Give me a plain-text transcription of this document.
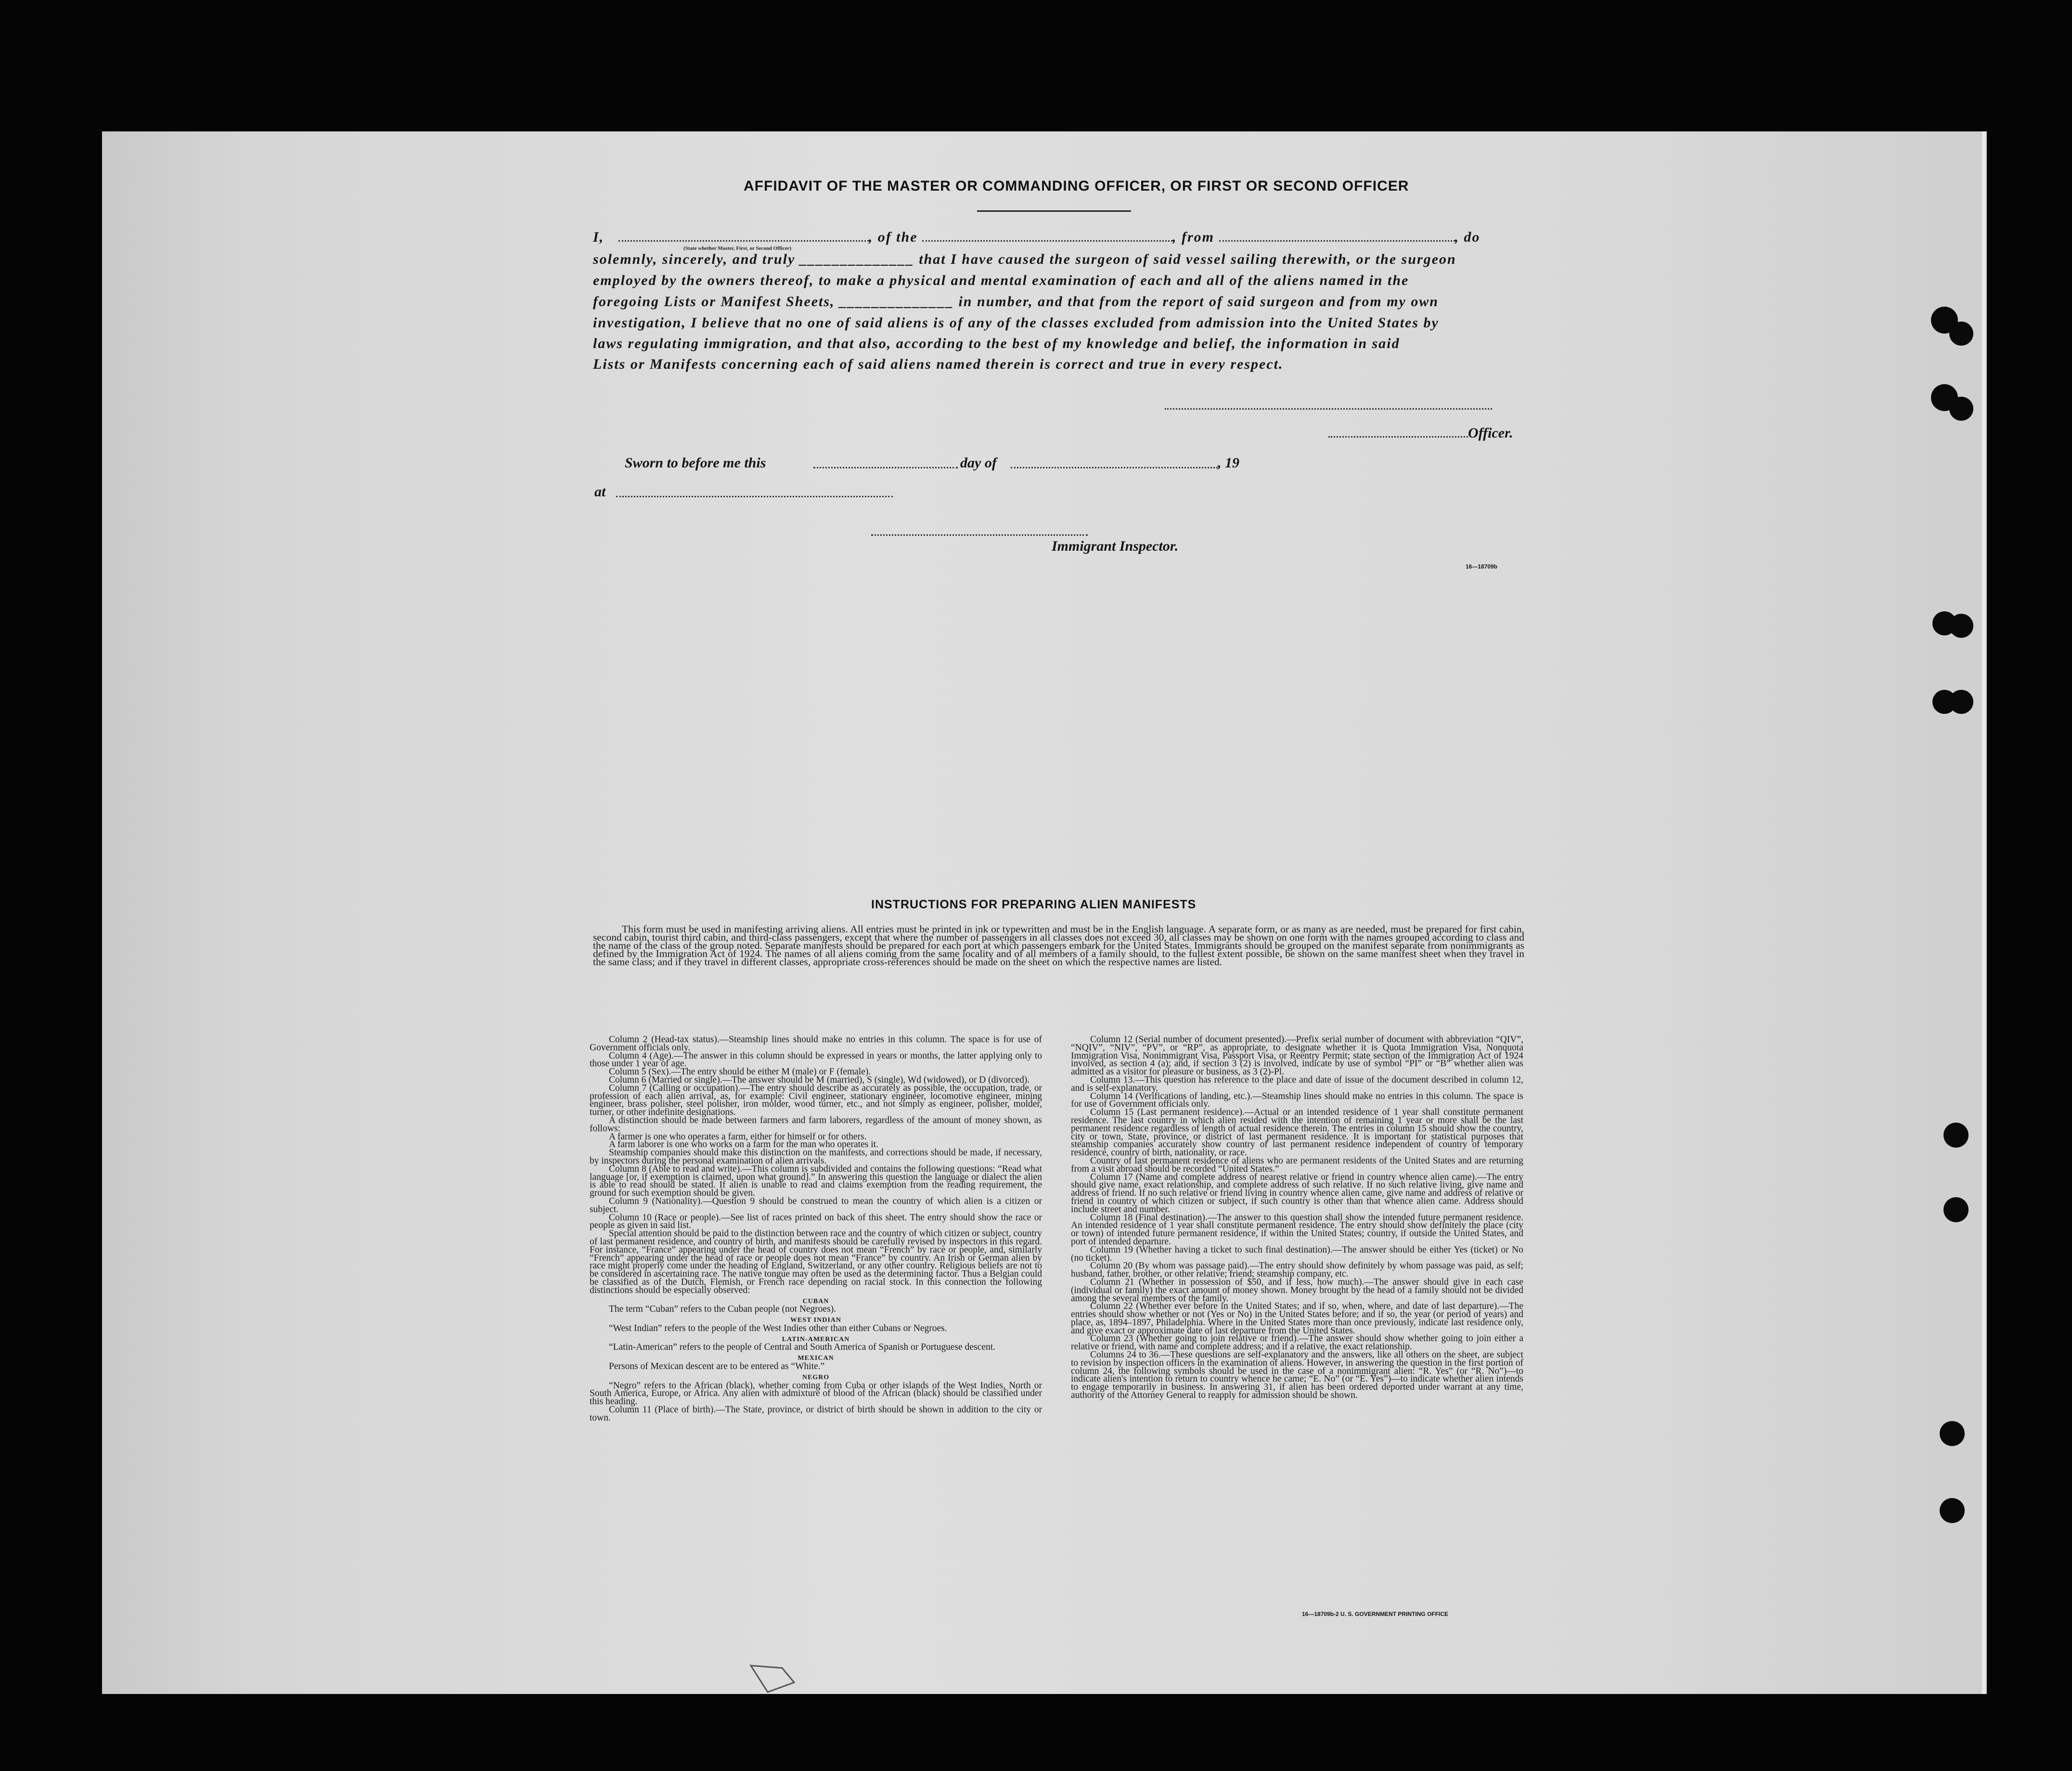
AFFIDAVIT OF THE MASTER OR COMMANDING OFFICER, OR FIRST OR SECOND OFFICER
I,	, of the	, from	, do
(State whether Master, First, or Second Officer)
solemnly, sincerely, and truly ______________ that I have caused the surgeon of said vessel sailing therewith, or the surgeon
employed by the owners thereof, to make a physical and mental examination of each and all of the aliens named in the
foregoing Lists or Manifest Sheets, ______________ in number, and that from the report of said surgeon and from my own
investigation, I believe that no one of said aliens is of any of the classes excluded from admission into the United States by
laws regulating immigration, and that also, according to the best of my knowledge and belief, the information in said
Lists or Manifests concerning each of said aliens named therein is correct and true in every respect.
Officer.
Sworn to before me this	day of	, 19
at
Immigrant Inspector.
16—18709b
INSTRUCTIONS FOR PREPARING ALIEN MANIFESTS
This form must be used in manifesting arriving aliens. All entries must be printed in ink or typewritten and must be in the English language. A separate form, or as many as are needed, must be prepared for first cabin, second cabin, tourist third cabin, and third-class passengers, except that where the number of passengers in all classes does not exceed 30, all classes may be shown on one form with the names grouped according to class and the name of the class of the group noted. Separate manifests should be prepared for each port at which passengers embark for the United States. Immigrants should be grouped on the manifest separate from nonimmigrants as defined by the Immigration Act of 1924. The names of all aliens coming from the same locality and of all members of a family should, to the fullest extent possible, be shown on the same manifest sheet when they travel in the same class; and if they travel in different classes, appropriate cross-references should be made on the sheet on which the respective names are listed.

Column 2 (Head-tax status).—Steamship lines should make no entries in this column. The space is for use of Government officials only.

Column 4 (Age).—The answer in this column should be expressed in years or months, the latter applying only to those under 1 year of age.

Column 5 (Sex).—The entry should be either M (male) or F (female).

Column 6 (Married or single).—The answer should be M (married), S (single), Wd (widowed), or D (divorced).

Column 7 (Calling or occupation).—The entry should describe as accurately as possible, the occupation, trade, or profession of each alien arrival, as, for example: Civil engineer, stationary engineer, locomotive engineer, mining engineer, brass polisher, steel polisher, iron molder, wood turner, etc., and not simply as engineer, polisher, molder, turner, or other indefinite designations.

A distinction should be made between farmers and farm laborers, regardless of the amount of money shown, as follows:

A farmer is one who operates a farm, either for himself or for others.

A farm laborer is one who works on a farm for the man who operates it.

Steamship companies should make this distinction on the manifests, and corrections should be made, if necessary, by inspectors during the personal examination of alien arrivals.

Column 8 (Able to read and write).—This column is subdivided and contains the following questions: “Read what language [or, if exemption is claimed, upon what ground].” In answering this question the language or dialect the alien is able to read should be stated. If alien is unable to read and claims exemption from the reading requirement, the ground for such exemption should be given.

Column 9 (Nationality).—Question 9 should be construed to mean the country of which alien is a citizen or subject.

Column 10 (Race or people).—See list of races printed on back of this sheet. The entry should show the race or people as given in said list.

Special attention should be paid to the distinction between race and the country of which citizen or subject, country of last permanent residence, and country of birth, and manifests should be carefully revised by inspectors in this regard. For instance, “France” appearing under the head of country does not mean “French” by race or people, and, similarly “French” appearing under the head of race or people does not mean “France” by country. An Irish or German alien by race might properly come under the heading of England, Switzerland, or any other country. Religious beliefs are not to be considered in ascertaining race. The native tongue may often be used as the determining factor. Thus a Belgian could be classified as of the Dutch, Flemish, or French race depending on racial stock. In this connection the following distinctions should be especially observed:

CUBAN

The term “Cuban” refers to the Cuban people (not Negroes).

WEST INDIAN

“West Indian” refers to the people of the West Indies other than either Cubans or Negroes.

LATIN-AMERICAN

“Latin-American” refers to the people of Central and South America of Spanish or Portuguese descent.

MEXICAN

Persons of Mexican descent are to be entered as “White.”

NEGRO

“Negro” refers to the African (black), whether coming from Cuba or other islands of the West Indies, North or South America, Europe, or Africa. Any alien with admixture of blood of the African (black) should be classified under this heading.

Column 11 (Place of birth).—The State, province, or district of birth should be shown in addition to the city or town.

Column 12 (Serial number of document presented).—Prefix serial number of document with abbreviation “QIV”, “NQIV”, “NIV”, “PV”, or “RP”, as appropriate, to designate whether it is Quota Immigration Visa, Nonquota Immigration Visa, Nonimmigrant Visa, Passport Visa, or Reentry Permit; state section of the Immigration Act of 1924 involved, as section 4 (a); and, if section 3 (2) is involved, indicate by use of symbol “PI” or “B” whether alien was admitted as a visitor for pleasure or business, as 3 (2)-Pl.

Column 13.—This question has reference to the place and date of issue of the document described in column 12, and is self-explanatory.

Column 14 (Verifications of landing, etc.).—Steamship lines should make no entries in this column. The space is for use of Government officials only.

Column 15 (Last permanent residence).—Actual or an intended residence of 1 year shall constitute permanent residence. The last country in which alien resided with the intention of remaining 1 year or more shall be the last permanent residence regardless of length of actual residence therein. The entries in column 15 should show the country, city or town, State, province, or district of last permanent residence. It is important for statistical purposes that steamship companies accurately show country of last permanent residence independent of country of temporary residence, country of birth, nationality, or race.

Country of last permanent residence of aliens who are permanent residents of the United States and are returning from a visit abroad should be recorded “United States.”

Column 17 (Name and complete address of nearest relative or friend in country whence alien came).—The entry should give name, exact relationship, and complete address of such relative. If no such relative living, give name and address of friend. If no such relative or friend living in country whence alien came, give name and address of relative or friend in country of which citizen or subject, if such country is other than that whence alien came. Address should include street and number.

Column 18 (Final destination).—The answer to this question shall show the intended future permanent residence. An intended residence of 1 year shall constitute permanent residence. The entry should show definitely the place (city or town) of intended future permanent residence, if within the United States; country, if outside the United States, and port of intended departure.

Column 19 (Whether having a ticket to such final destination).—The answer should be either Yes (ticket) or No (no ticket).

Column 20 (By whom was passage paid).—The entry should show definitely by whom passage was paid, as self; husband, father, brother, or other relative; friend; steamship company, etc.

Column 21 (Whether in possession of $50, and if less, how much).—The answer should give in each case (individual or family) the exact amount of money shown. Money brought by the head of a family should not be divided among the several members of the family.

Column 22 (Whether ever before in the United States; and if so, when, where, and date of last departure).—The entries should show whether or not (Yes or No) in the United States before; and if so, the year (or period of years) and place, as, 1894–1897, Philadelphia. Where in the United States more than once previously, indicate last residence only, and give exact or approximate date of last departure from the United States.

Column 23 (Whether going to join relative or friend).—The answer should show whether going to join either a relative or friend, with name and complete address; and if a relative, the exact relationship.

Columns 24 to 36.—These questions are self-explanatory and the answers, like all others on the sheet, are subject to revision by inspection officers in the examination of aliens. However, in answering the question in the first portion of column 24, the following symbols should be used in the case of a nonimmigrant alien: “R. Yes” (or “R. No”)—to indicate alien's intention to return to country whence he came; “E. No” (or “E. Yes”)—to indicate whether alien intends to engage temporarily in business. In answering 31, if alien has been ordered deported under warrant at any time, authority of the Attorney General to reapply for admission should be shown.

16—18709b-2 U. S. GOVERNMENT PRINTING OFFICE
